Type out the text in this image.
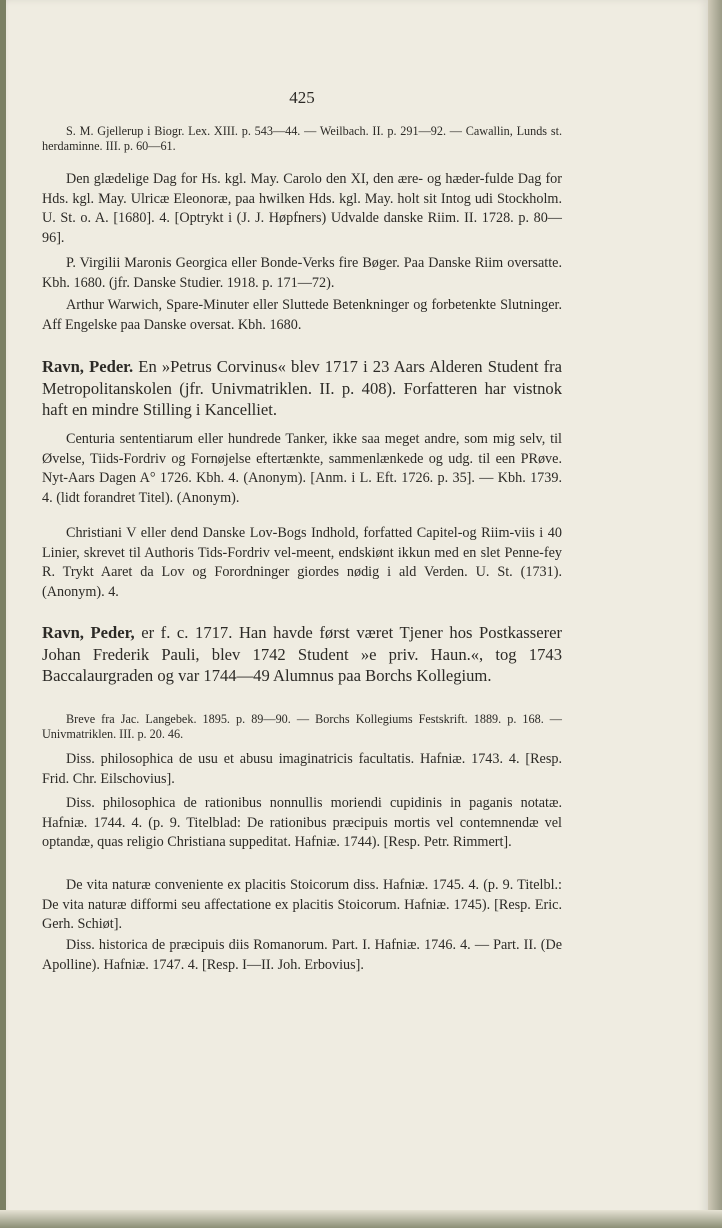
425
S. M. Gjellerup i Biogr. Lex. XIII. p. 543—44. — Weilbach. II. p. 291—92. — Cawallin, Lunds st. herdaminne. III. p. 60—61.
Den glædelige Dag for Hs. kgl. May. Carolo den XI, den ære- og hæder-fulde Dag for Hds. kgl. May. Ulricæ Eleonoræ, paa hwilken Hds. kgl. May. holt sit Intog udi Stockholm. U. St. o. A. [1680]. 4. [Optrykt i (J. J. Høpfners) Udvalde danske Riim. II. 1728. p. 80—96].
P. Virgilii Maronis Georgica eller Bonde-Verks fire Bøger. Paa Danske Riim oversatte. Kbh. 1680. (jfr. Danske Studier. 1918. p. 171—72).
Arthur Warwich, Spare-Minuter eller Sluttede Betenkninger og forbetenkte Slutninger. Aff Engelske paa Danske oversat. Kbh. 1680.

Ravn, Peder. En »Petrus Corvinus« blev 1717 i 23 Aars Alderen Student fra Metropolitanskolen (jfr. Univmatriklen. II. p. 408). Forfatteren har vistnok haft en mindre Stilling i Kancelliet.

Centuria sententiarum eller hundrede Tanker, ikke saa meget andre, som mig selv, til Øvelse, Tiids-Fordriv og Fornøjelse eftertænkte, sammenlænkede og udg. til een PRøve. Nyt-Aars Dagen A° 1726. Kbh. 4. (Anonym). [Anm. i L. Eft. 1726. p. 35]. — Kbh. 1739. 4. (lidt forandret Titel). (Anonym).
Christiani V eller dend Danske Lov-Bogs Indhold, forfatted Capitel-og Riim-viis i 40 Linier, skrevet til Authoris Tids-Fordriv vel-meent, endskiønt ikkun med en slet Penne-fey R. Trykt Aaret da Lov og Forordninger giordes nødig i ald Verden. U. St. (1731). (Anonym). 4.

Ravn, Peder, er f. c. 1717. Han havde først været Tjener hos Postkasserer Johan Frederik Pauli, blev 1742 Student »e priv. Haun.«, tog 1743 Baccalaurgraden og var 1744—49 Alumnus paa Borchs Kollegium.

Breve fra Jac. Langebek. 1895. p. 89—90. — Borchs Kollegiums Festskrift. 1889. p. 168. — Univmatriklen. III. p. 20. 46.
Diss. philosophica de usu et abusu imaginatricis facultatis. Hafniæ. 1743. 4. [Resp. Frid. Chr. Eilschovius].
Diss. philosophica de rationibus nonnullis moriendi cupidinis in paganis notatæ. Hafniæ. 1744. 4. (p. 9. Titelblad: De rationibus præcipuis mortis vel contemnendæ vel optandæ, quas religio Christiana suppeditat. Hafniæ. 1744). [Resp. Petr. Rimmert].
De vita naturæ conveniente ex placitis Stoicorum diss. Hafniæ. 1745. 4. (p. 9. Titelbl.: De vita naturæ difformi seu affectatione ex placitis Stoicorum. Hafniæ. 1745). [Resp. Eric. Gerh. Schiøt].
Diss. historica de præcipuis diis Romanorum. Part. I. Hafniæ. 1746. 4. — Part. II. (De Apolline). Hafniæ. 1747. 4. [Resp. I—II. Joh. Erbovius].
